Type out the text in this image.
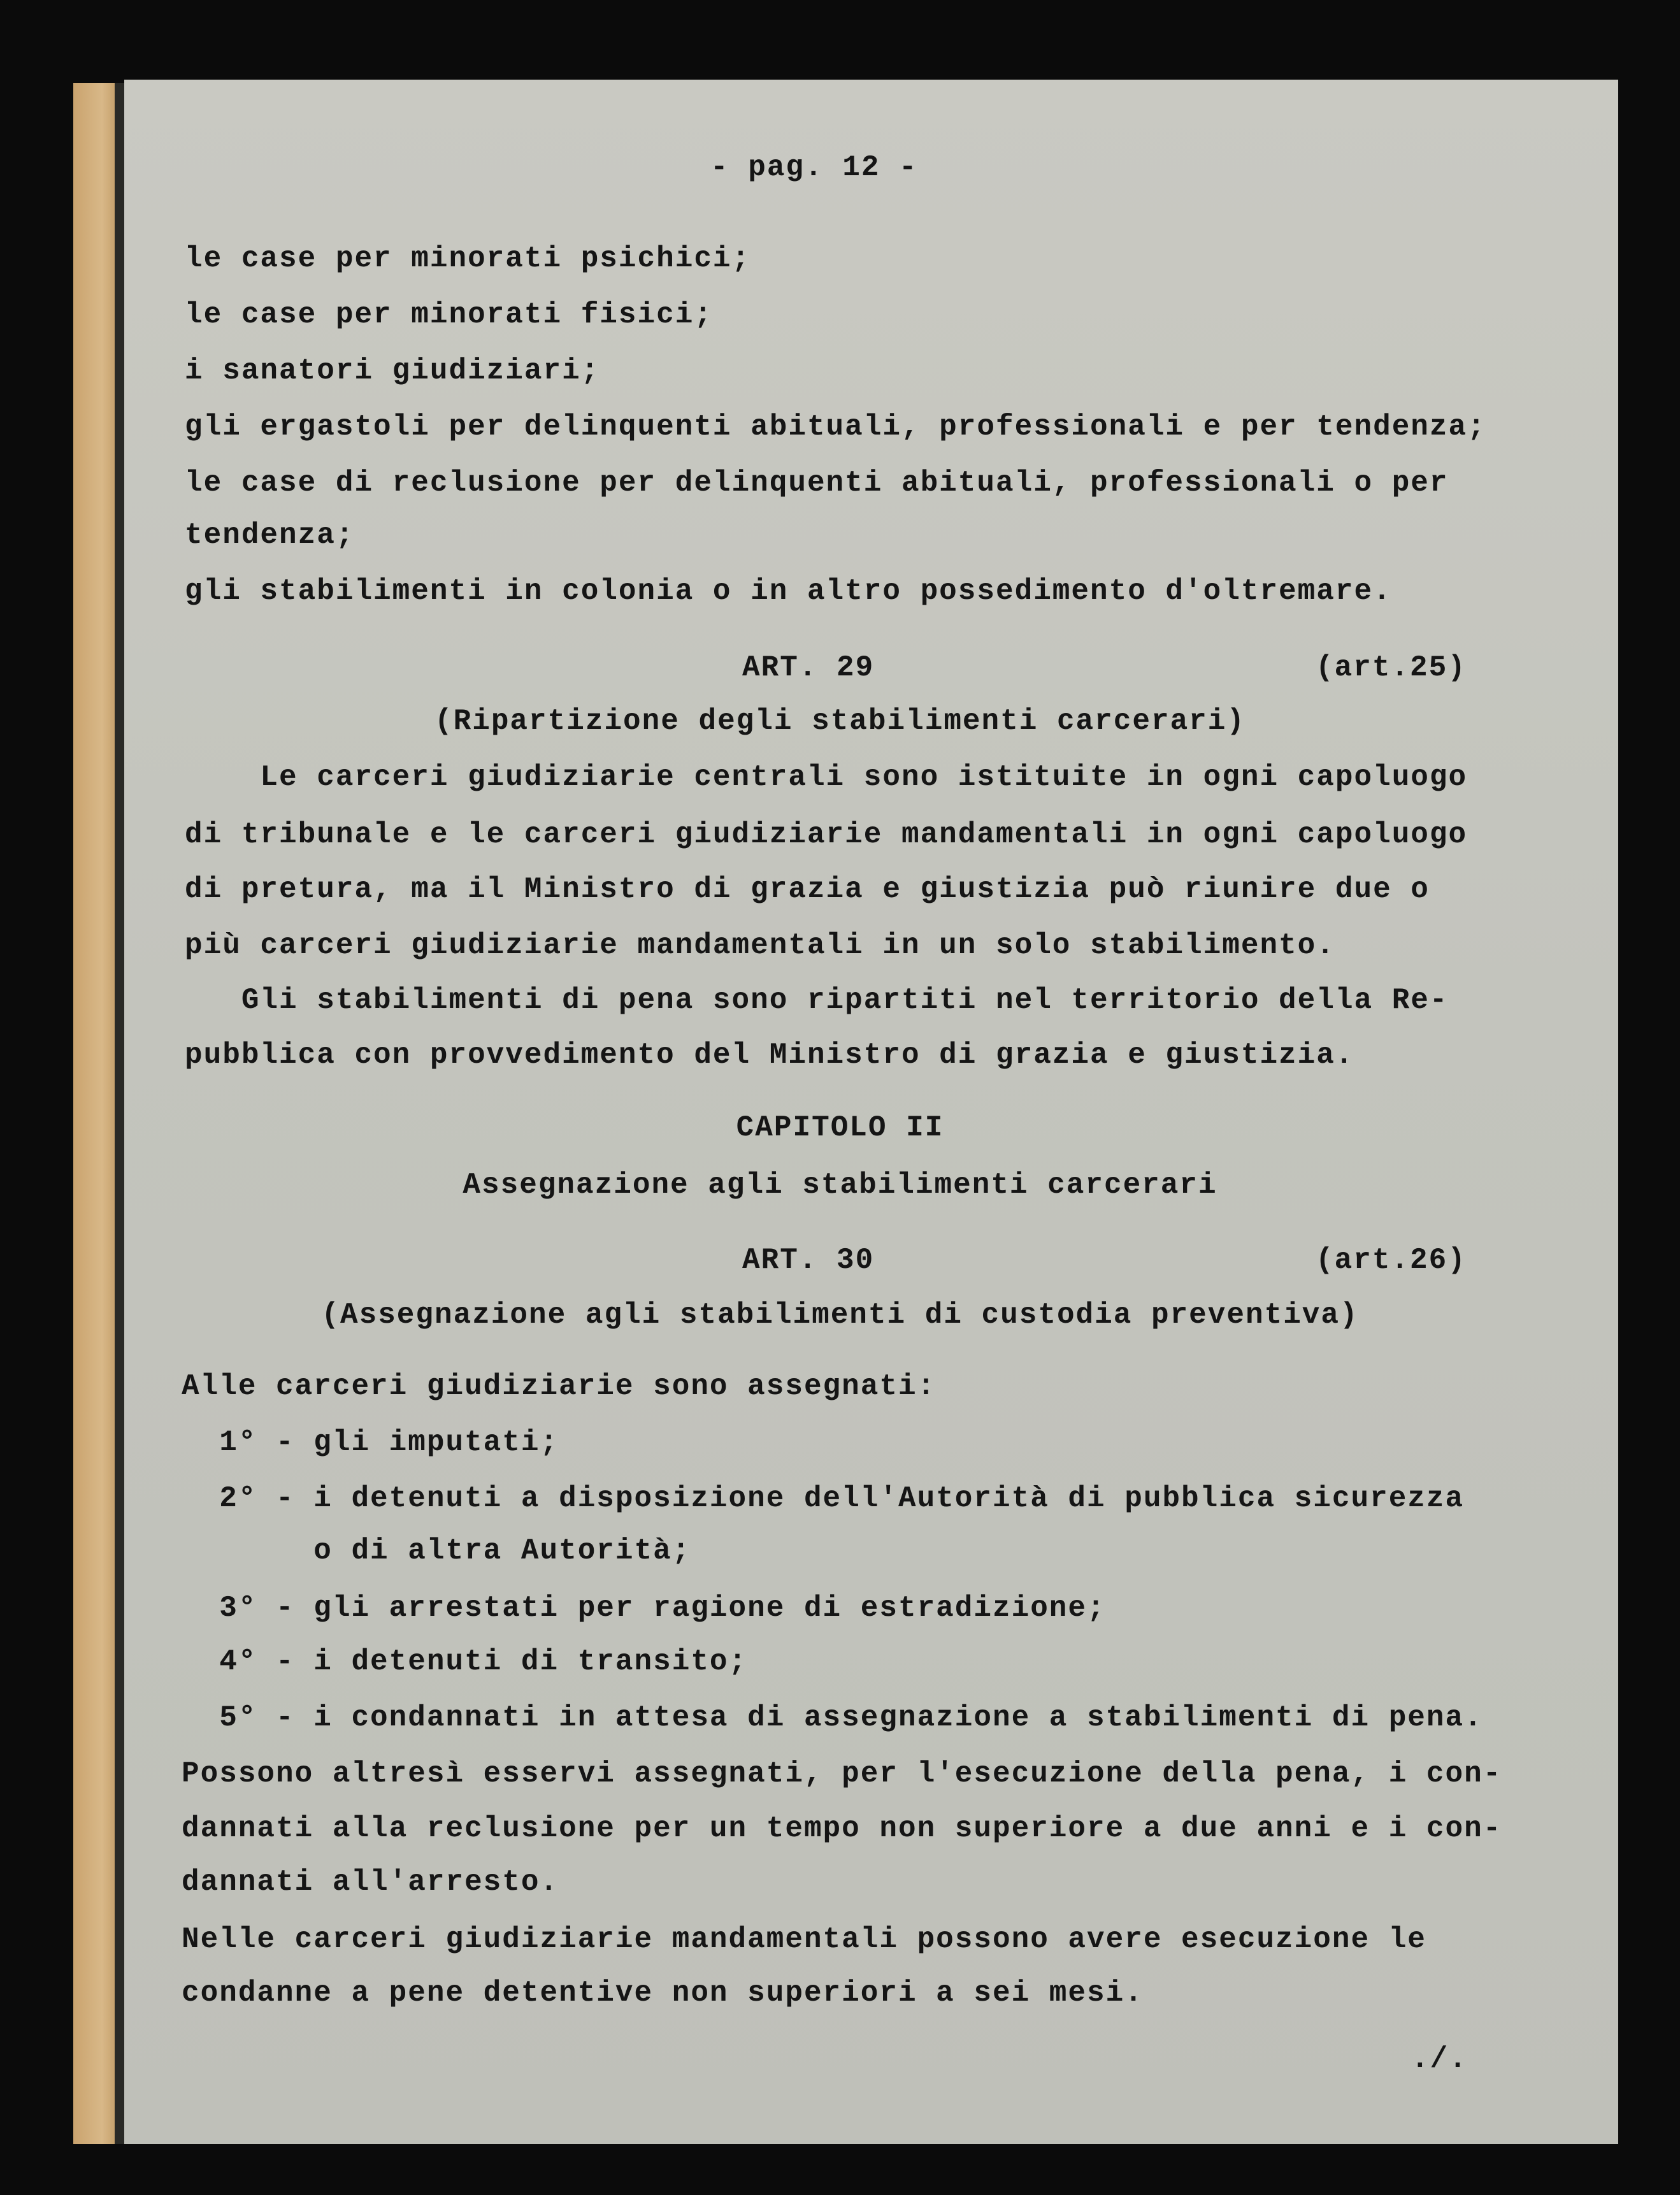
- pag. 12 -
le case per minorati psichici;
le case per minorati fisici;
i sanatori giudiziari;
gli ergastoli per delinquenti abituali, professionali e per tendenza;
le case di reclusione per delinquenti abituali, professionali o per
tendenza;
gli stabilimenti in colonia o in altro possedimento d'oltremare.
ART. 29	(art.25)
(Ripartizione degli stabilimenti carcerari)
Le carceri giudiziarie centrali sono istituite in ogni capoluogo
di tribunale e le carceri giudiziarie mandamentali in ogni capoluogo
di pretura, ma il Ministro di grazia e giustizia può riunire due o
più carceri giudiziarie mandamentali in un solo stabilimento.
Gli stabilimenti di pena sono ripartiti nel territorio della Re-
pubblica con provvedimento del Ministro di grazia e giustizia.
CAPITOLO II
Assegnazione agli stabilimenti carcerari
ART. 30	(art.26)
(Assegnazione agli stabilimenti di custodia preventiva)
Alle carceri giudiziarie sono assegnati:
1° - gli imputati;
2° - i detenuti a disposizione dell'Autorità di pubblica sicurezza
o di altra Autorità;
3° - gli arrestati per ragione di estradizione;
4° - i detenuti di transito;
5° - i condannati in attesa di assegnazione a stabilimenti di pena.
Possono altresì esservi assegnati, per l'esecuzione della pena, i con-
dannati alla reclusione per un tempo non superiore a due anni e i con-
dannati all'arresto.
Nelle carceri giudiziarie mandamentali possono avere esecuzione le
condanne a pene detentive non superiori a sei mesi.
./.
